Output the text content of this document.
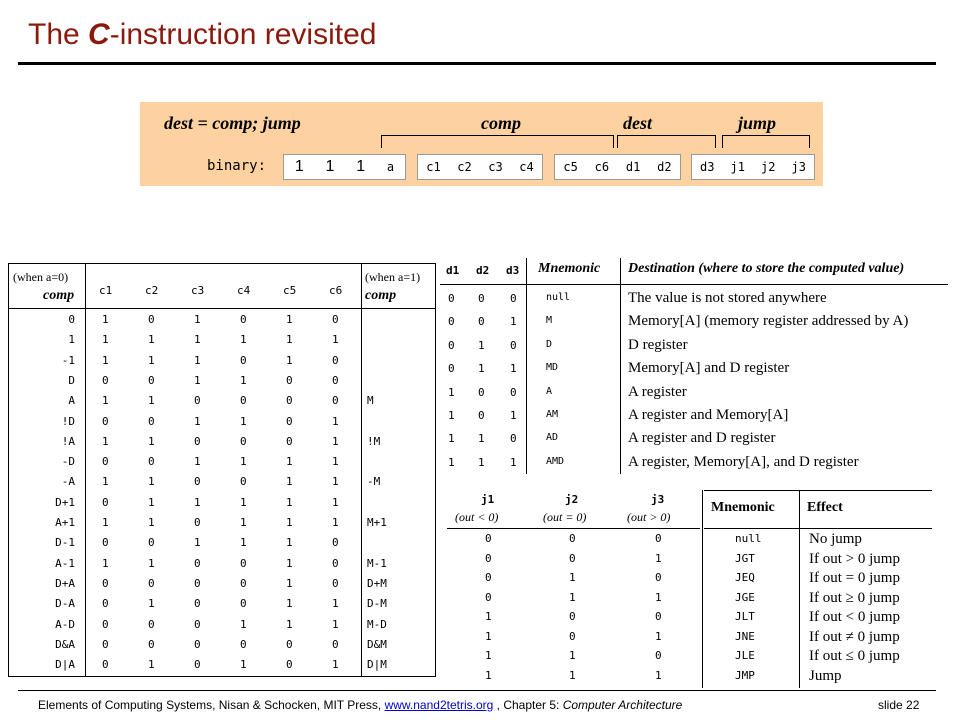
The C-instruction revisited
dest = comp; jump	comp	dest	jump
binary: 1 1 1 a	c1 c2 c3 c4 c5 c6 d1 d2 d3 j1 j2 j3
(when a=0)
comp
(when a=1)
comp
c1	c2	c3	c4	c5	c6
0 1	0	1	0	1	0
1 1	1	1	1	1	1
-1 1	1	1	0	1	0
D 0	0	1	1	0	0
A 1	1	0	0	0	0	M
!D 0	0	1	1	0	1
!A 1	1	0	0	0	1	!M
-D 0	0	1	1	1	1
-A 1	1	0	0	1	1	-M
D+1 0	1	1	1	1	1
A+1 1	1	0	1	1	1	M+1
D-1 0	0	1	1	1	0
A-1 1	1	0	0	1	0	M-1
D+A 0	0	0	0	1	0	D+M
D-A 0	1	0	0	1	1	D-M
A-D 0	0	0	1	1	1	M-D
D&A 0	0	0	0	0	0	D&M
D|A 0	1	0	1	0	1	D|M
d1 d2 d3 Mnemonic Destination (where to store the computed value)
0 0 0	null	The value is not stored anywhere
0 0 1	M	Memory[A] (memory register addressed by A)
0 1 0	D	D register
0 1 1	MD	Memory[A] and D register
1 0 0	A	A register
1 0 1	AM	A register and Memory[A]
1 1 0	AD	A register and D register
1 1 1	AMD	A register, Memory[A], and D register
j1	j2	j3
(out < 0)	(out = 0)	(out > 0)
Mnemonic Effect
0	0	0	null	No jump
0	0	1	JGT	If out > 0 jump
0	1	0	JEQ	If out = 0 jump
0	1	1	JGE	If out ≥ 0 jump
1	0	0	JLT	If out < 0 jump
1	0	1	JNE	If out ≠ 0 jump
1	1	0	JLE	If out ≤ 0 jump
1	1	1	JMP	Jump
Elements of Computing Systems, Nisan & Schocken, MIT Press, www.nand2tetris.org , Chapter 5: Computer Architecture	slide 22
